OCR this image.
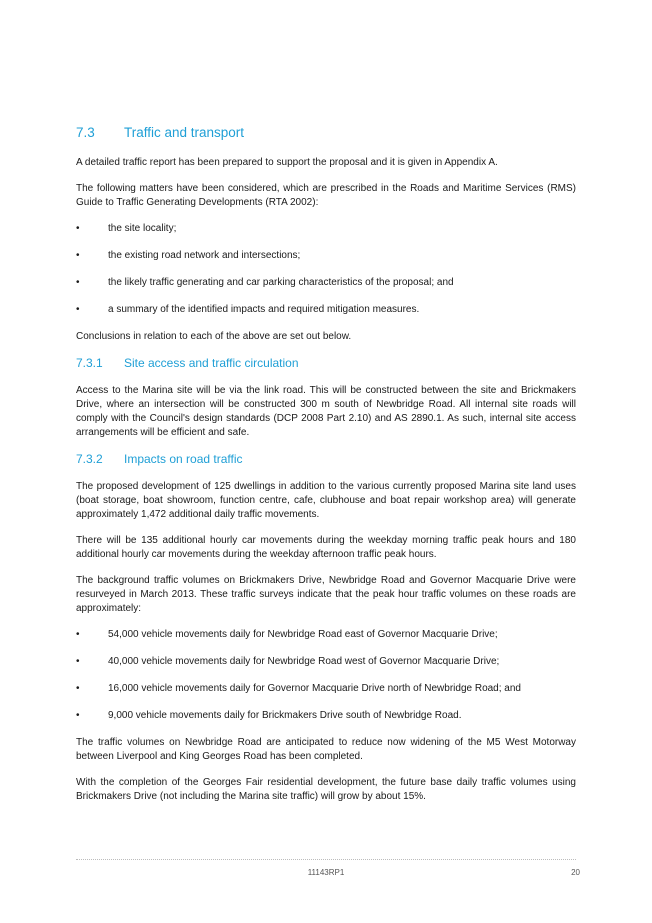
7.3	Traffic and transport

A detailed traffic report has been prepared to support the proposal and it is given in Appendix A.

The following matters have been considered, which are prescribed in the Roads and Maritime Services (RMS) Guide to Traffic Generating Developments (RTA 2002):

• the site locality;
• the existing road network and intersections;
• the likely traffic generating and car parking characteristics of the proposal; and
• a summary of the identified impacts and required mitigation measures.

Conclusions in relation to each of the above are set out below.

7.3.1	Site access and traffic circulation

Access to the Marina site will be via the link road. This will be constructed between the site and Brickmakers Drive, where an intersection will be constructed 300 m south of Newbridge Road. All internal site roads will comply with the Council's design standards (DCP 2008 Part 2.10) and AS 2890.1. As such, internal site access arrangements will be efficient and safe.

7.3.2	Impacts on road traffic

The proposed development of 125 dwellings in addition to the various currently proposed Marina site land uses (boat storage, boat showroom, function centre, cafe, clubhouse and boat repair workshop area) will generate approximately 1,472 additional daily traffic movements.

There will be 135 additional hourly car movements during the weekday morning traffic peak hours and 180 additional hourly car movements during the weekday afternoon traffic peak hours.

The background traffic volumes on Brickmakers Drive, Newbridge Road and Governor Macquarie Drive were resurveyed in March 2013. These traffic surveys indicate that the peak hour traffic volumes on these roads are approximately:

• 54,000 vehicle movements daily for Newbridge Road east of Governor Macquarie Drive;
• 40,000 vehicle movements daily for Newbridge Road west of Governor Macquarie Drive;
• 16,000 vehicle movements daily for Governor Macquarie Drive north of Newbridge Road; and
• 9,000 vehicle movements daily for Brickmakers Drive south of Newbridge Road.

The traffic volumes on Newbridge Road are anticipated to reduce now widening of the M5 West Motorway between Liverpool and King Georges Road has been completed.

With the completion of the Georges Fair residential development, the future base daily traffic volumes using Brickmakers Drive (not including the Marina site traffic) will grow by about 15%.

11143RP1	20
